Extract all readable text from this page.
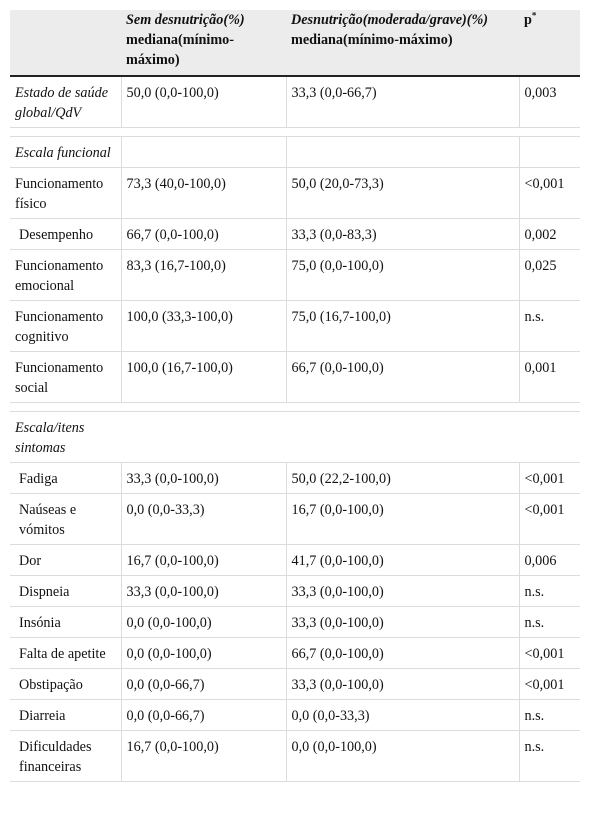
	Sem desnutrição(%)
mediana(mínimo-máximo)	Desnutrição(moderada/grave)(%)
mediana(mínimo-máximo)	p*
Estado de saúde global/QdV	50,0 (0,0-100,0)	33,3 (0,0-66,7)	0,003

Escala funcional			
Funcionamento físico	73,3 (40,0-100,0)	50,0 (20,0-73,3)	<0,001
Desempenho	66,7 (0,0-100,0)	33,3 (0,0-83,3)	0,002
Funcionamento emocional	83,3 (16,7-100,0)	75,0 (0,0-100,0)	0,025
Funcionamento cognitivo	100,0 (33,3-100,0)	75,0 (16,7-100,0)	n.s.
Funcionamento social	100,0 (16,7-100,0)	66,7 (0,0-100,0)	0,001

Escala/itens sintomas			
Fadiga	33,3 (0,0-100,0)	50,0 (22,2-100,0)	<0,001
Naúseas e vómitos	0,0 (0,0-33,3)	16,7 (0,0-100,0)	<0,001
Dor	16,7 (0,0-100,0)	41,7 (0,0-100,0)	0,006
Dispneia	33,3 (0,0-100,0)	33,3 (0,0-100,0)	n.s.
Insónia	0,0 (0,0-100,0)	33,3 (0,0-100,0)	n.s.
Falta de apetite	0,0 (0,0-100,0)	66,7 (0,0-100,0)	<0,001
Obstipação	0,0 (0,0-66,7)	33,3 (0,0-100,0)	<0,001
Diarreia	0,0 (0,0-66,7)	0,0 (0,0-33,3)	n.s.
Dificuldades financeiras	16,7 (0,0-100,0)	0,0 (0,0-100,0)	n.s.
